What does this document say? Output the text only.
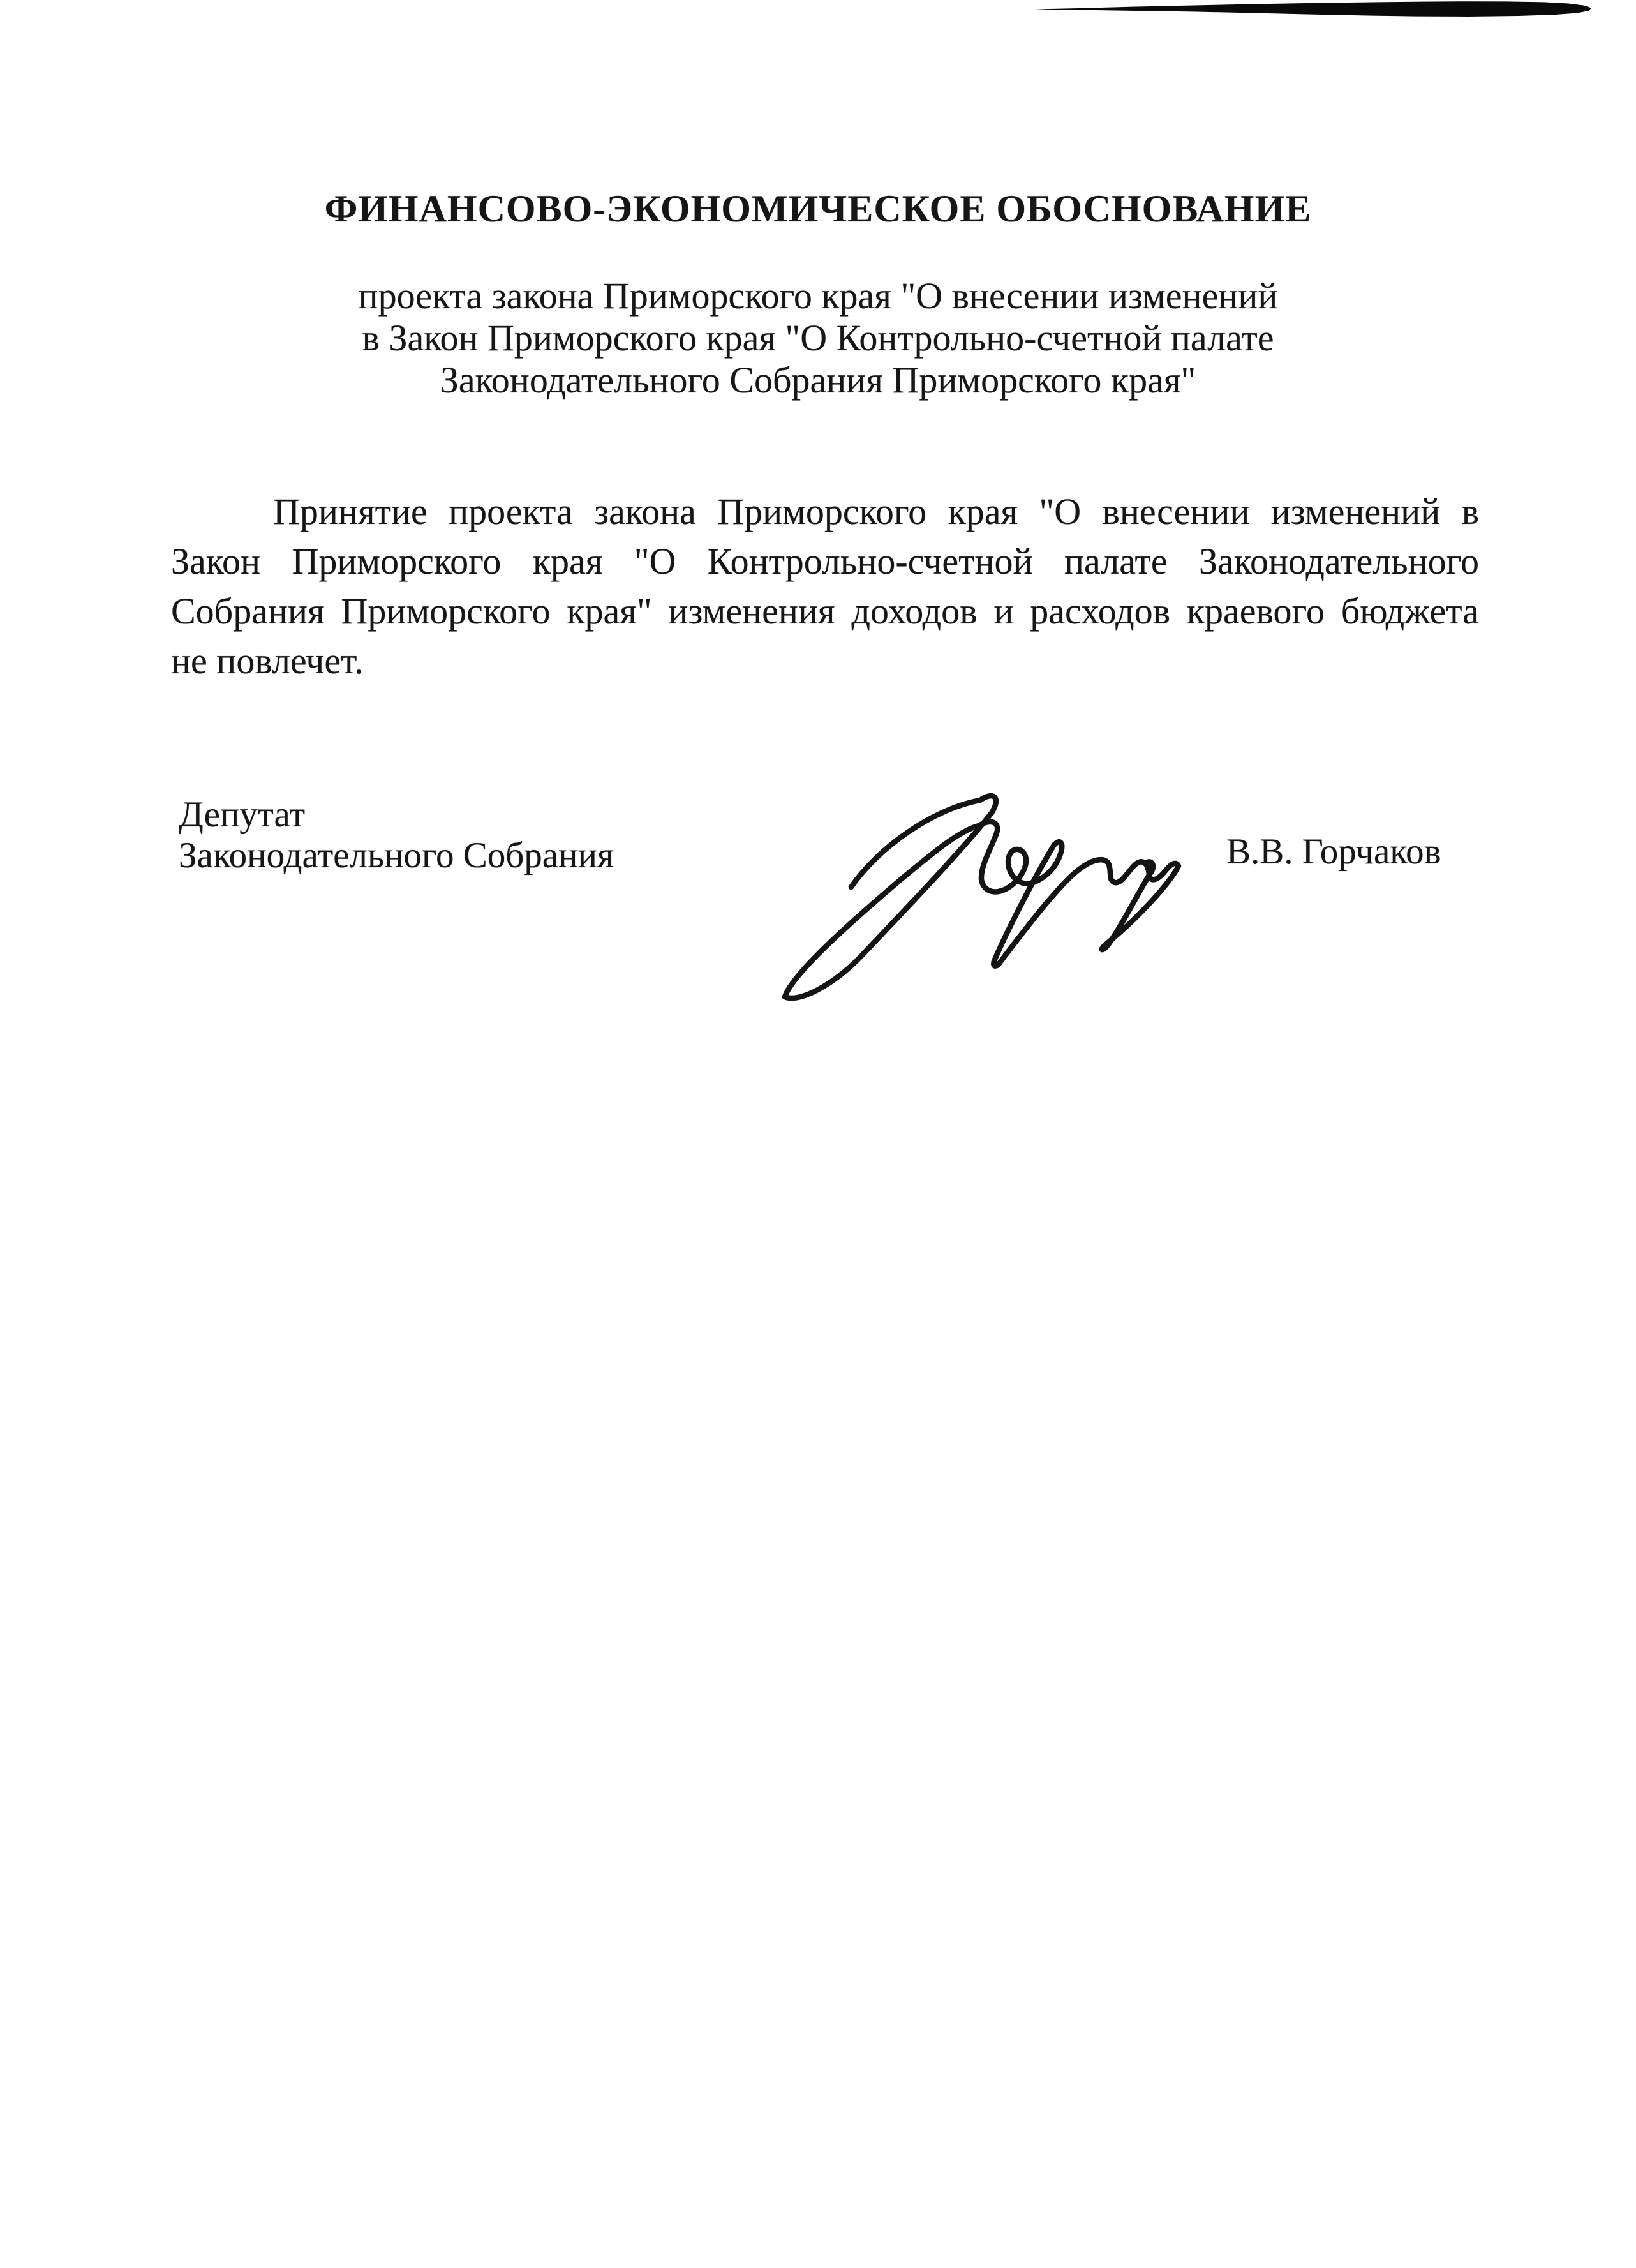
ФИНАНСОВО-ЭКОНОМИЧЕСКОЕ ОБОСНОВАНИЕ
проекта закона Приморского края "О внесении изменений
в Закон Приморского края "О Контрольно-счетной палате
Законодательного Собрания Приморского края"
Принятие проекта закона Приморского края "О внесении изменений в
Закон Приморского края "О Контрольно-счетной палате Законодательного
Собрания Приморского края" изменения доходов и расходов краевого бюджета
не повлечет.
Депутат
Законодательного Собрания	В.В. Горчаков
